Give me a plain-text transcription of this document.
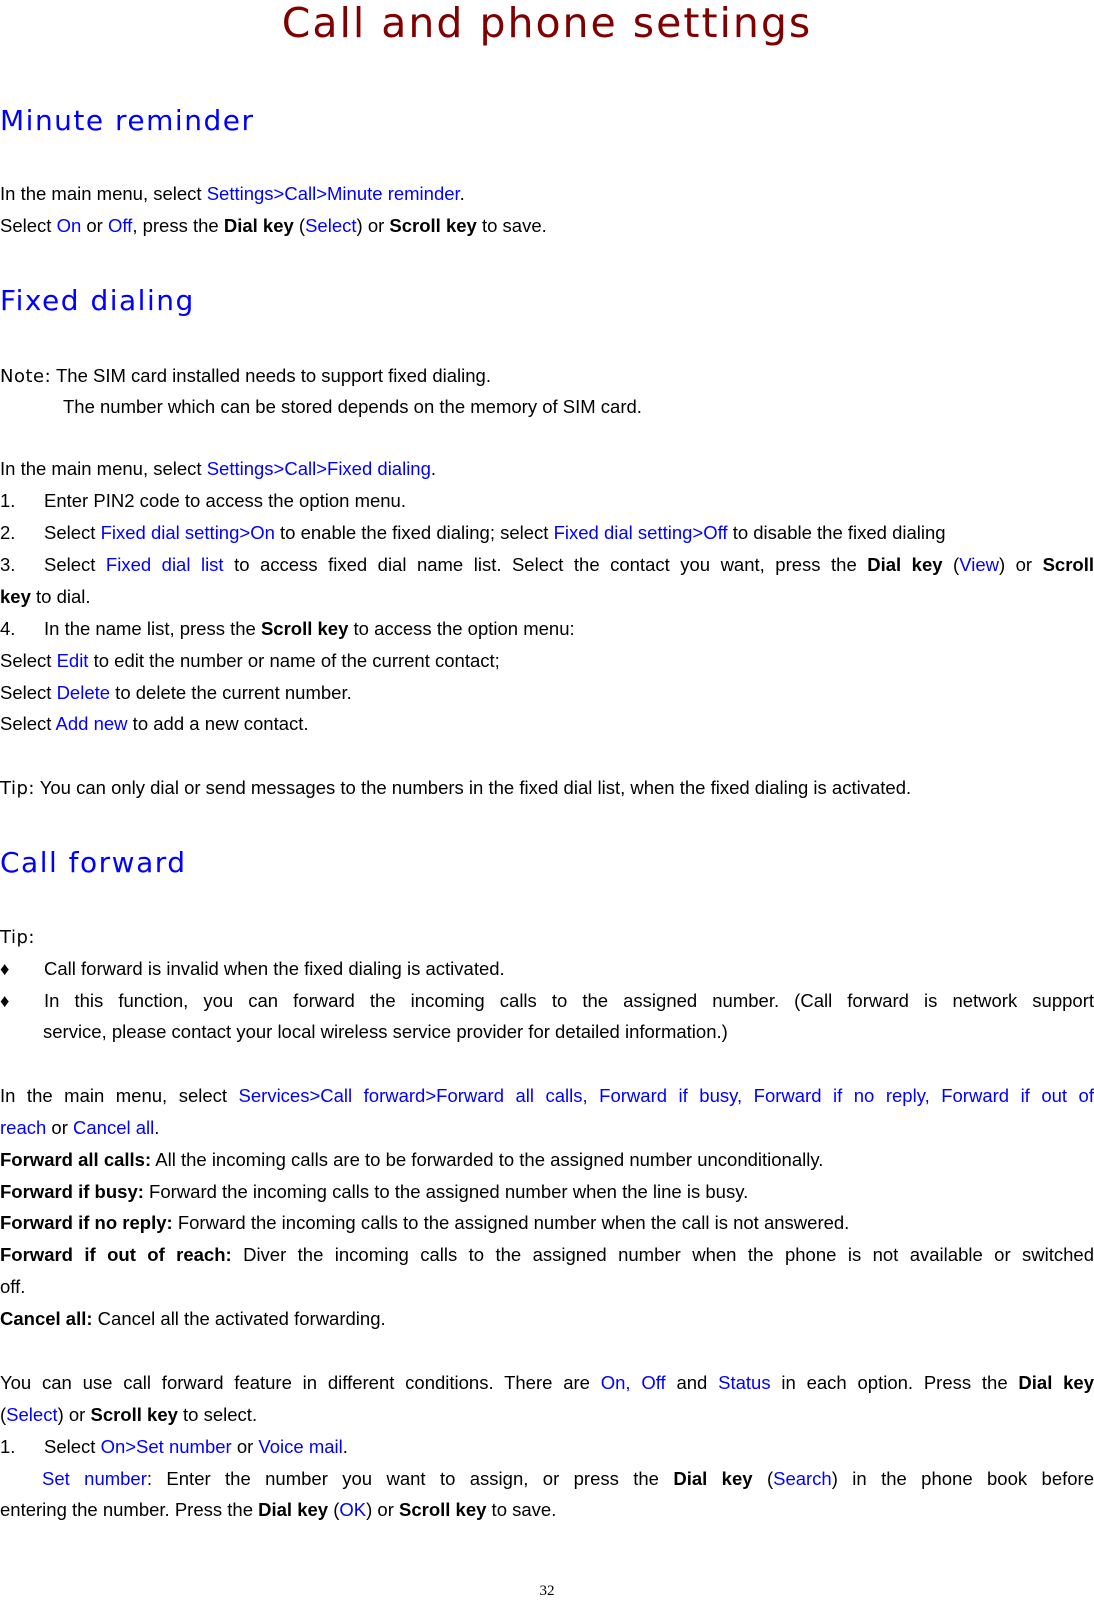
Call and phone settings
Minute reminder
In the main menu, select Settings>Call>Minute reminder.
Select On or Off, press the Dial key (Select) or Scroll key to save.
Fixed dialing
Note: The SIM card installed needs to support fixed dialing.
The number which can be stored depends on the memory of SIM card.
In the main menu, select Settings>Call>Fixed dialing.
1. Enter PIN2 code to access the option menu.
2. Select Fixed dial setting>On to enable the fixed dialing; select Fixed dial setting>Off to disable the fixed dialing
3. Select Fixed dial list to access fixed dial name list. Select the contact you want, press the Dial key (View) or Scroll
key to dial.
4. In the name list, press the Scroll key to access the option menu:
Select Edit to edit the number or name of the current contact;
Select Delete to delete the current number.
Select Add new to add a new contact.
Tip: You can only dial or send messages to the numbers in the fixed dial list, when the fixed dialing is activated.
Call forward
Tip:
♦ Call forward is invalid when the fixed dialing is activated.
♦ In this function, you can forward the incoming calls to the assigned number. (Call forward is network support
service, please contact your local wireless service provider for detailed information.)
In the main menu, select Services>Call forward>Forward all calls, Forward if busy, Forward if no reply, Forward if out of
reach or Cancel all.
Forward all calls: All the incoming calls are to be forwarded to the assigned number unconditionally.
Forward if busy: Forward the incoming calls to the assigned number when the line is busy.
Forward if no reply: Forward the incoming calls to the assigned number when the call is not answered.
Forward if out of reach: Diver the incoming calls to the assigned number when the phone is not available or switched
off.
Cancel all: Cancel all the activated forwarding.
You can use call forward feature in different conditions. There are On, Off and Status in each option. Press the Dial key
(Select) or Scroll key to select.
1. Select On>Set number or Voice mail.
Set number: Enter the number you want to assign, or press the Dial key (Search) in the phone book before
entering the number. Press the Dial key (OK) or Scroll key to save.
32
